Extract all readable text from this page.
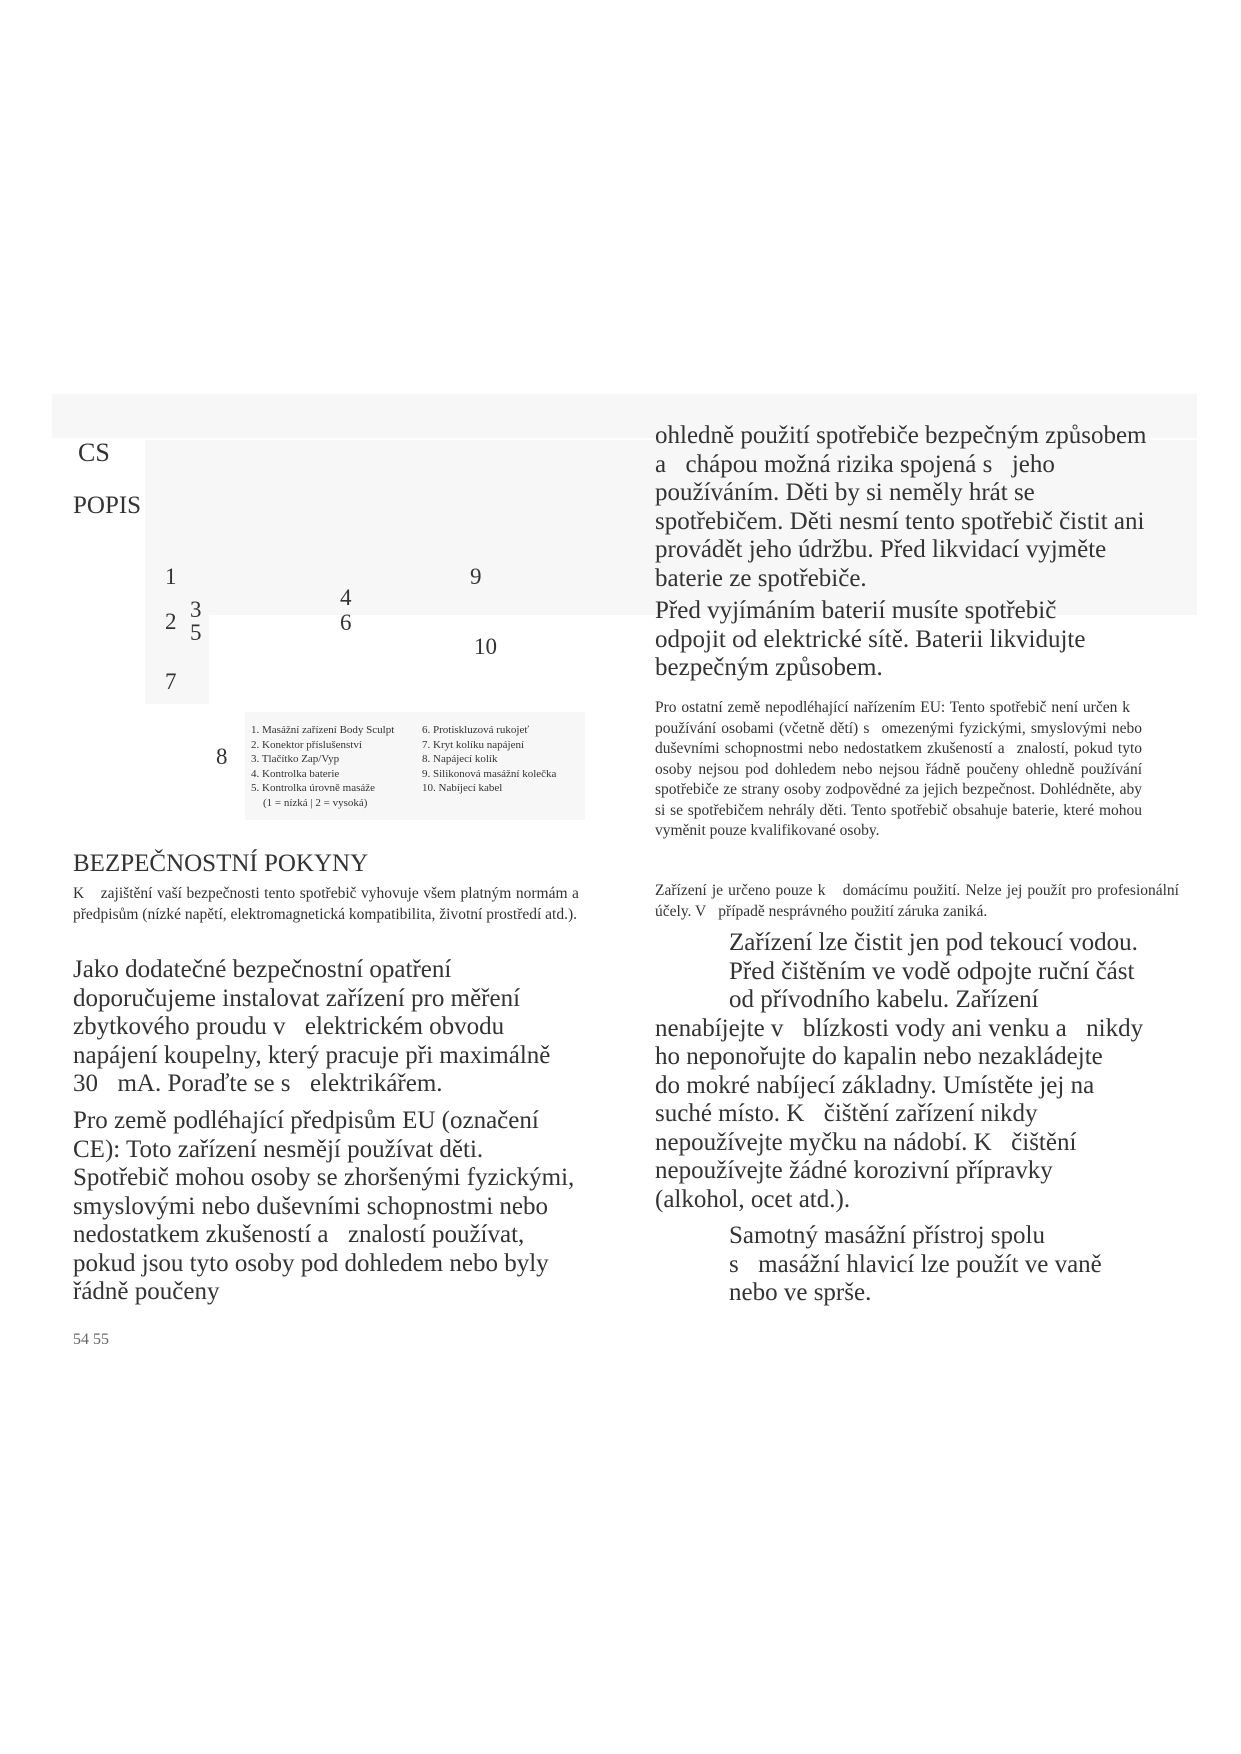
CS
POPIS
1
2 3	4
5	6
7
8
9
10
1. Masážní zařízení Body Sculpt
2. Konektor příslušenství
3. Tlačítko Zap/Vyp
4. Kontrolka baterie
5. Kontrolka úrovně masáže
(1 = nízká | 2 = vysoká)
6. Protiskluzová rukojeť
7. Kryt kolíku napájení
8. Napájecí kolík
9. Silikonová masážní kolečka
10. Nabíjecí kabel
BEZPEČNOSTNÍ POKYNY

K  zajištění vaší bezpečnosti tento spotřebič vyhovuje všem platným normám a  předpisům (nízké napětí, elektromagnetická kompatibilita, životní prostředí atd.).

Jako dodatečné bezpečnostní opatření doporučujeme instalovat zařízení pro měření zbytkového proudu v elektrickém obvodu napájení koupelny, který pracuje při maximálně 30 mA. Poraďte se s elektrikářem.

Pro země podléhající předpisům EU (označení CE): Toto zařízení nesmějí používat děti. Spotřebič mohou osoby se zhoršenými fyzickými, smyslovými nebo duševními schopnostmi nebo nedostatkem zkušeností a znalostí používat, pokud jsou tyto osoby pod dohledem nebo byly řádně poučeny

ohledně použití spotřebiče bezpečným způsobem a chápou možná rizika spojená s jeho používáním. Děti by si neměly hrát se spotřebičem. Děti nesmí tento spotřebič čistit ani provádět jeho údržbu. Před likvidací vyjměte baterie ze spotřebiče.

Před vyjímáním baterií musíte spotřebič odpojit od elektrické sítě. Baterii likvidujte bezpečným způsobem.

Pro ostatní země nepodléhající nařízením EU: Tento spotřebič není určen k  používání osobami (včetně dětí) s omezenými fyzickými, smyslovými nebo duševními schopnostmi nebo nedostatkem zkušeností a znalostí, pokud tyto osoby nejsou pod dohledem nebo nejsou řádně poučeny ohledně používání spotřebiče ze strany osoby zodpovědné za jejich bezpečnost. Dohlédněte, aby si se spotřebičem nehrály děti. Tento spotřebič obsahuje baterie, které mohou vyměnit pouze kvalifikované osoby.

Zařízení je určeno pouze k  domácímu použití. Nelze jej použít pro profesionální účely. V případě nesprávného použití záruka zaniká.

Zařízení lze čistit jen pod tekoucí vodou.
Před čištěním ve vodě odpojte ruční část
od přívodního kabelu. Zařízení
nenabíjejte v blízkosti vody ani venku a nikdy
ho neponořujte do kapalin nebo nezakládejte
do mokré nabíjecí základny. Umístěte jej na
suché místo. K čištění zařízení nikdy
nepoužívejte myčku na nádobí. K čištění
nepoužívejte žádné korozivní přípravky
(alkohol, ocet atd.).
Samotný masážní přístroj spolu
s masážní hlavicí lze použít ve vaně
nebo ve sprše.
54 55
